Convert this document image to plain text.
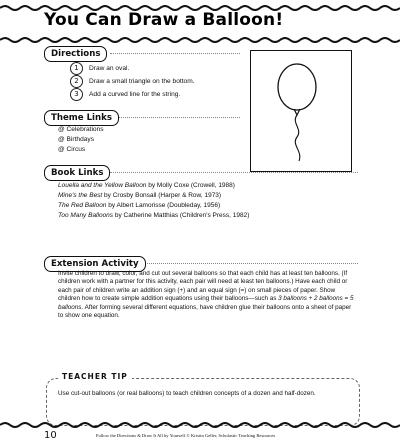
You Can Draw a Balloon!
Directions
1	Draw an oval.
2	Draw a small triangle on the bottom.
3	Add a curved line for the string.
Theme Links
@ Celebrations
@ Birthdays
@ Circus
Book Links
Louella and the Yellow Balloon by Molly Coxe (Crowell, 1988)
Mine's the Best by Crosby Bonsall (Harper & Row, 1973)
The Red Balloon by Albert Lamorisse (Doubleday, 1956)
Too Many Balloons by Catherine Matthias (Children's Press, 1982)
Extension Activity
Invite children to draw, color, and cut out several balloons so that each child has at least ten balloons. (If children work with a partner for this activity, each pair will need at least ten balloons.) Have each child or each pair of children write an addition sign (+) and an equal sign (=) on small pieces of paper. Show children how to create simple addition equations using their balloons—such as 3 balloons + 2 balloons = 5 balloons. After forming several different equations, have children glue their balloons onto a sheet of paper to show one equation.
TEACHER TIP
Use cut-out balloons (or real balloons) to teach children concepts of a dozen and half-dozen.
10	Follow the Directions & Draw It All by Yourself © Kristin Geller, Scholastic Teaching Resources
